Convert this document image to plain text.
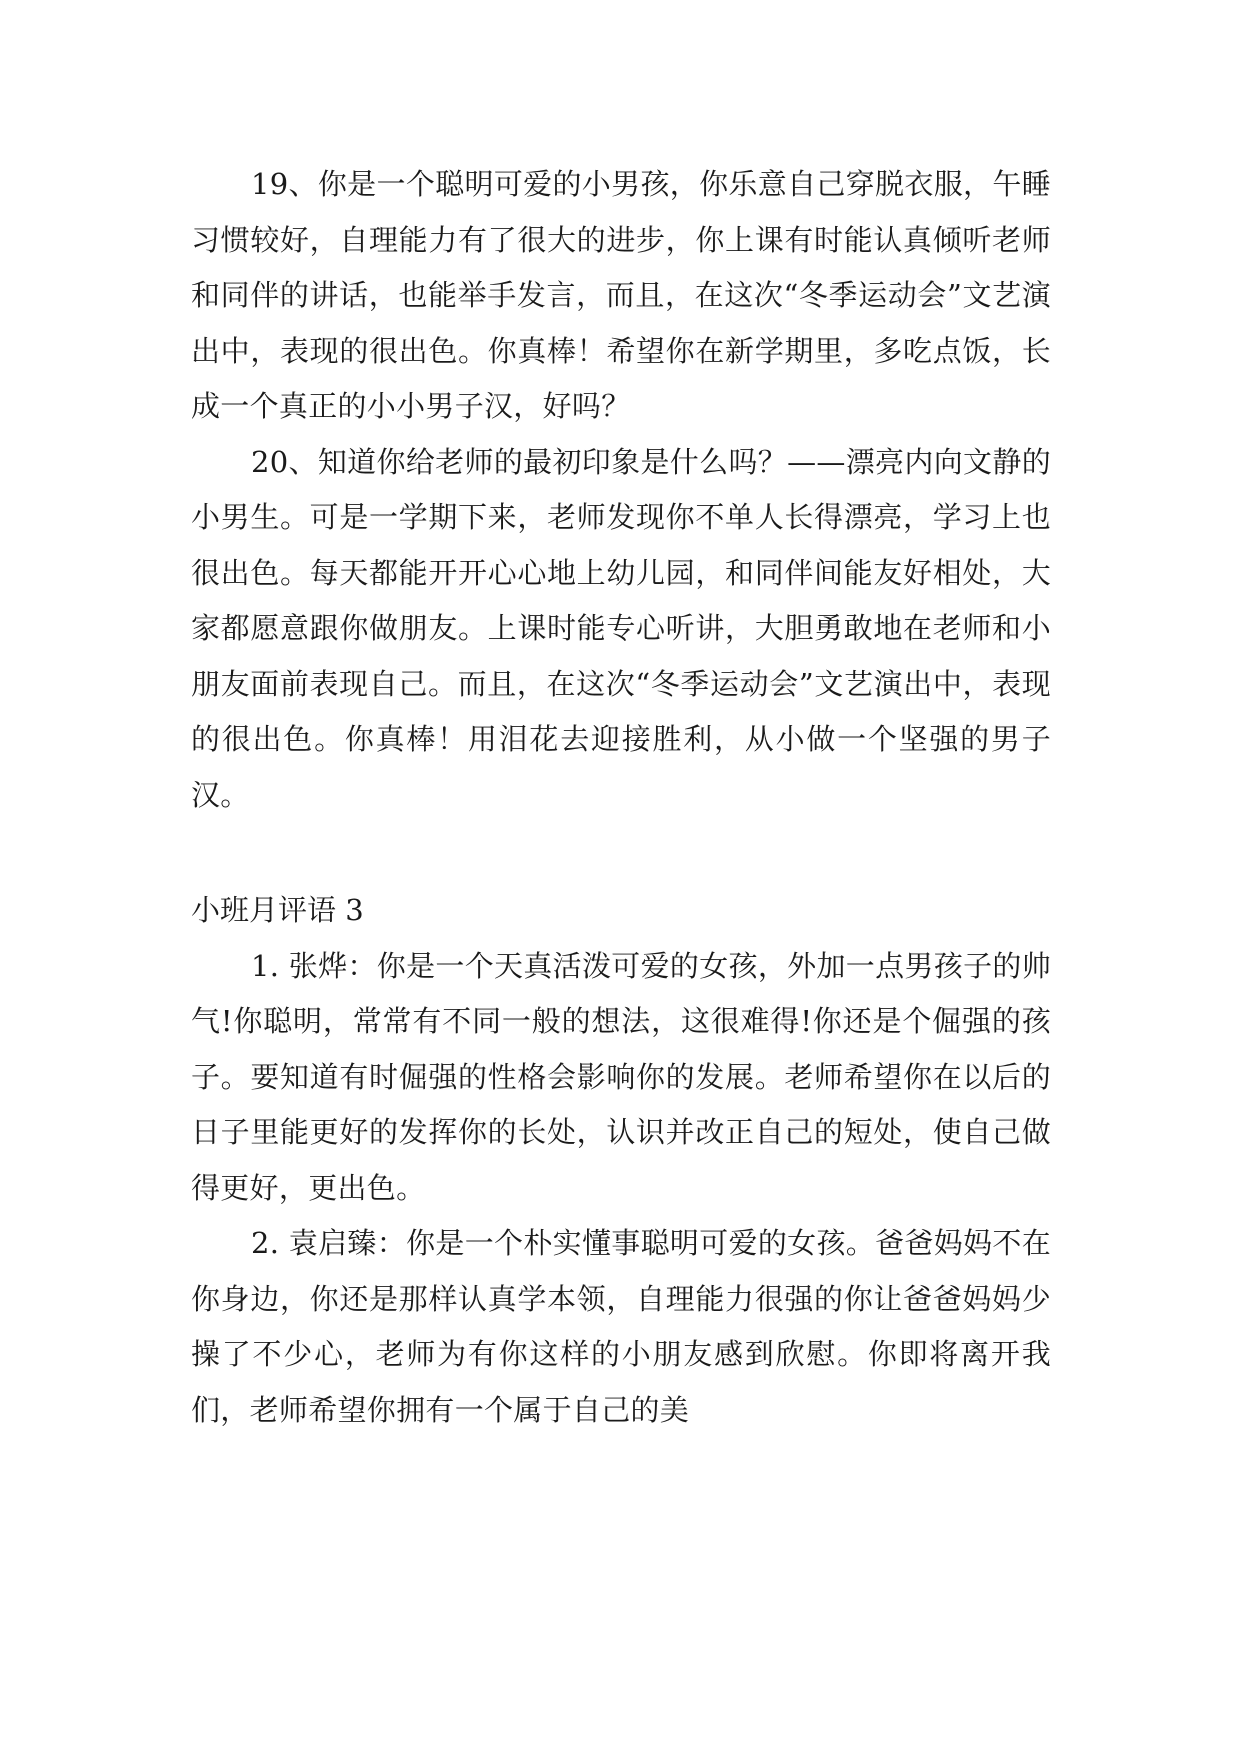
19、你是一个聪明可爱的小男孩，你乐意自己穿脱衣服，午睡习惯较好，自理能力有了很大的进步，你上课有时能认真倾听老师和同伴的讲话，也能举手发言，而且，在这次“冬季运动会”文艺演出中，表现的很出色。你真棒！希望你在新学期里，多吃点饭，长成一个真正的小小男子汉，好吗？

20、知道你给老师的最初印象是什么吗？——漂亮内向文静的小男生。可是一学期下来，老师发现你不单人长得漂亮，学习上也很出色。每天都能开开心心地上幼儿园，和同伴间能友好相处，大家都愿意跟你做朋友。上课时能专心听讲，大胆勇敢地在老师和小朋友面前表现自己。而且，在这次“冬季运动会”文艺演出中，表现的很出色。你真棒！用泪花去迎接胜利，从小做一个坚强的男子汉。

小班月评语 3

1. 张烨：你是一个天真活泼可爱的女孩，外加一点男孩子的帅气!你聪明，常常有不同一般的想法，这很难得!你还是个倔强的孩子。要知道有时倔强的性格会影响你的发展。老师希望你在以后的日子里能更好的发挥你的长处，认识并改正自己的短处，使自己做得更好，更出色。

2. 袁启臻：你是一个朴实懂事聪明可爱的女孩。爸爸妈妈不在你身边，你还是那样认真学本领，自理能力很强的你让爸爸妈妈少操了不少心，老师为有你这样的小朋友感到欣慰。你即将离开我们，老师希望你拥有一个属于自己的美
